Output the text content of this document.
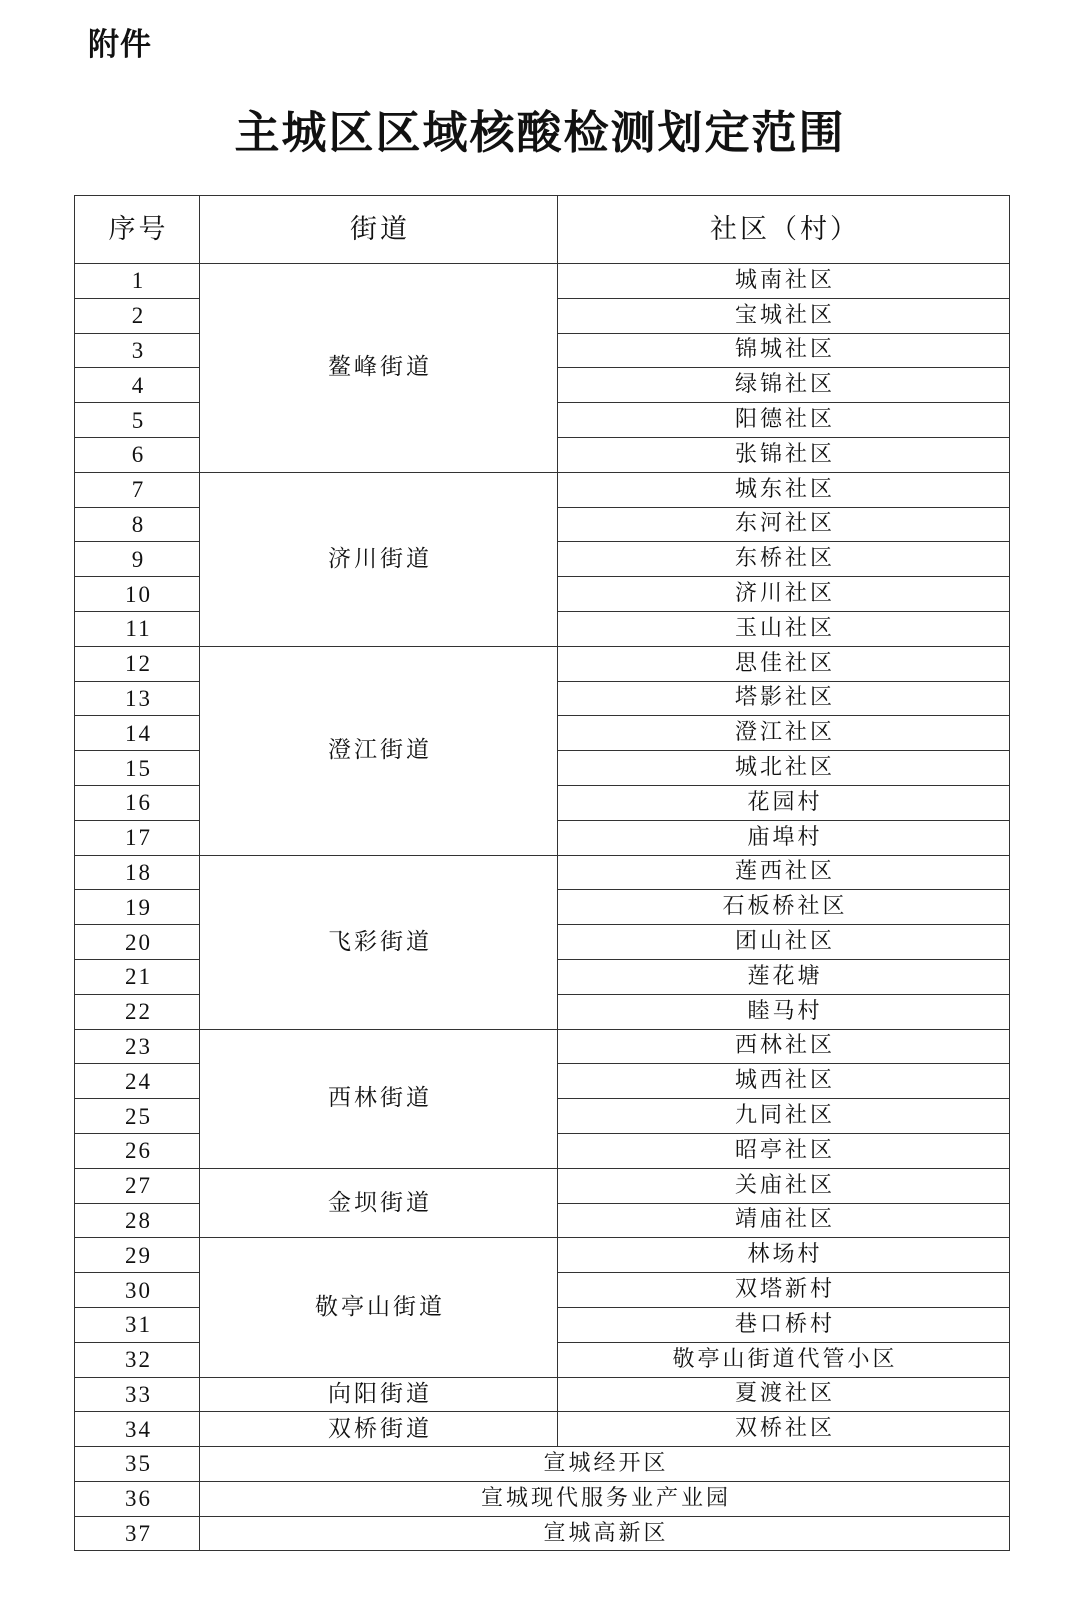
附件
主城区区域核酸检测划定范围
序号	街道	社区（村）
1	鳌峰街道	城南社区
2		宝城社区
3		锦城社区
4		绿锦社区
5		阳德社区
6		张锦社区
7	济川街道	城东社区
8		东河社区
9		东桥社区
10		济川社区
11		玉山社区
12	澄江街道	思佳社区
13		塔影社区
14		澄江社区
15		城北社区
16		花园村
17		庙埠村
18	飞彩街道	莲西社区
19		石板桥社区
20		团山社区
21		莲花塘
22		睦马村
23	西林街道	西林社区
24		城西社区
25		九同社区
26		昭亭社区
27	金坝街道	关庙社区
28		靖庙社区
29	敬亭山街道	林场村
30		双塔新村
31		巷口桥村
32		敬亭山街道代管小区
33	向阳街道	夏渡社区
34	双桥街道	双桥社区
35	宣城经开区	
36	宣城现代服务业产业园	
37	宣城高新区	
